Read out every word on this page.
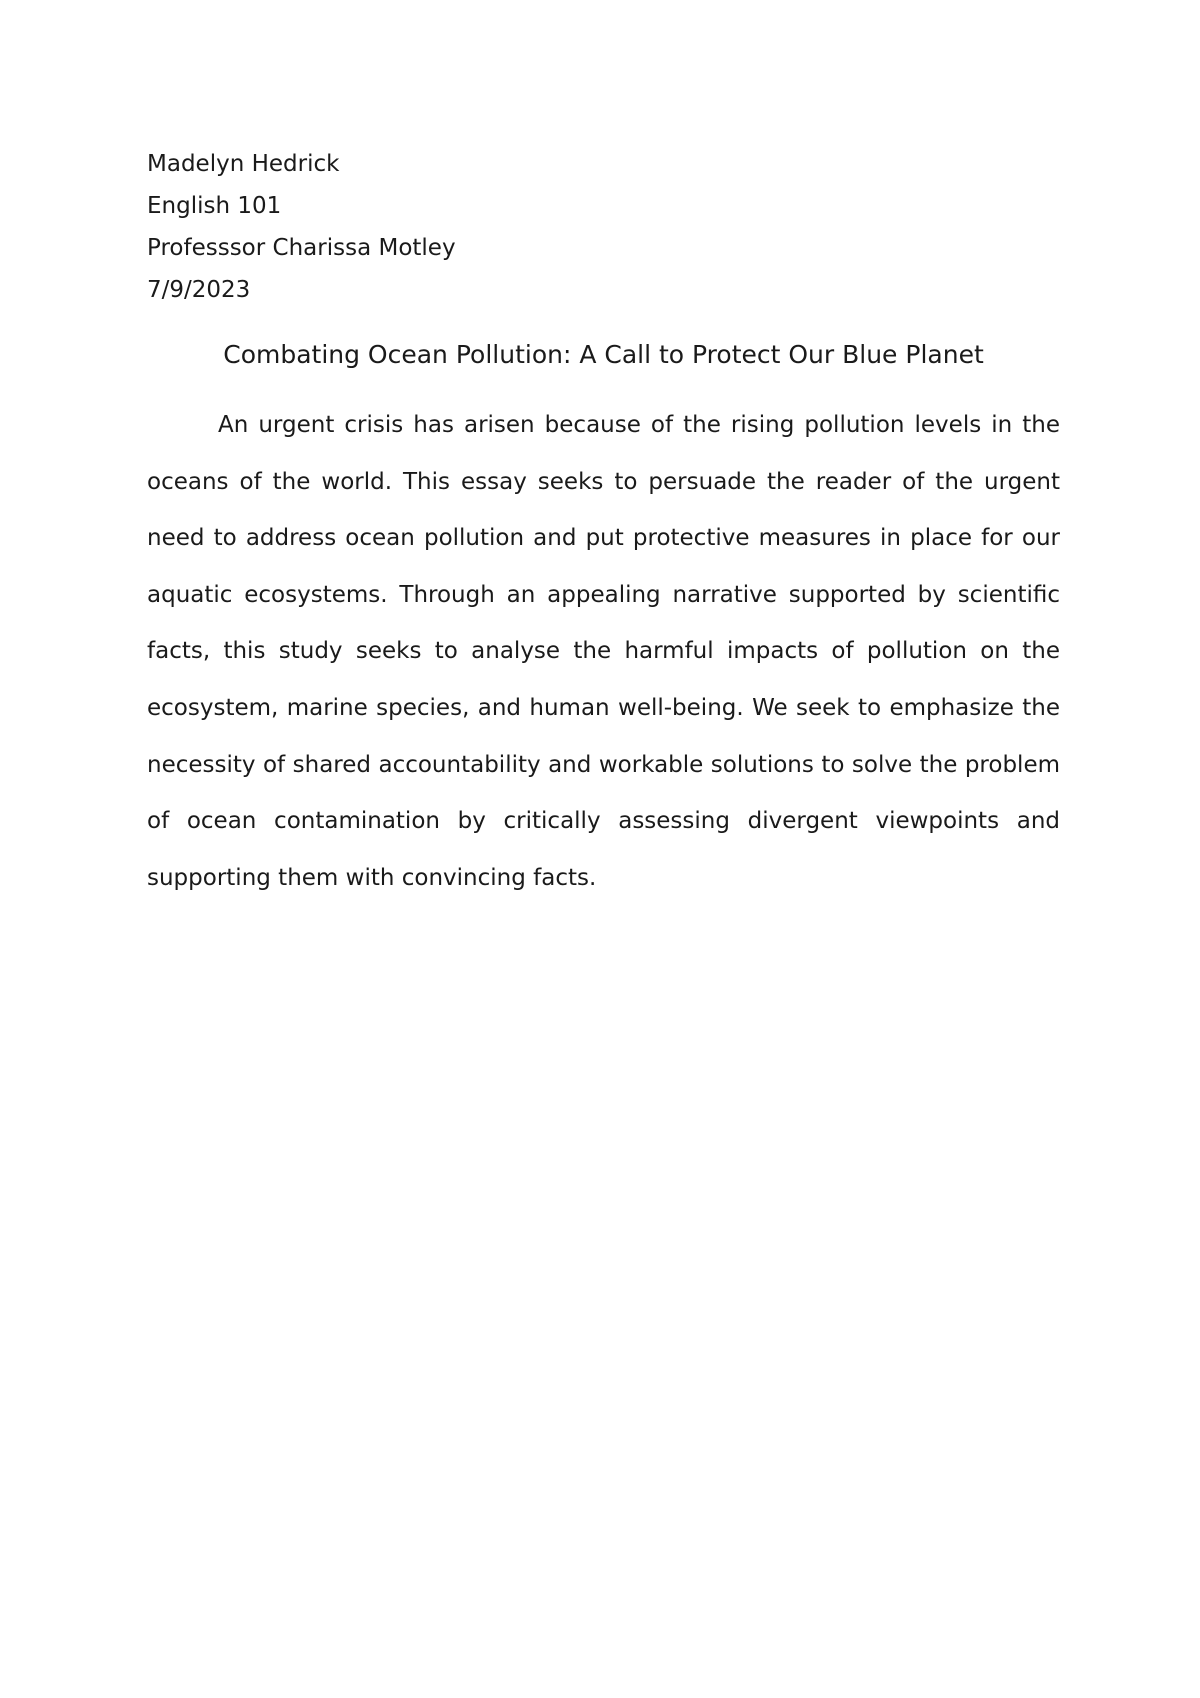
Madelyn Hedrick
English 101
Professsor Charissa Motley
7/9/2023
Combating Ocean Pollution: A Call to Protect Our Blue Planet

An urgent crisis has arisen because of the rising pollution levels in the oceans of the world. This essay seeks to persuade the reader of the urgent need to address ocean pollution and put protective measures in place for our aquatic ecosystems. Through an appealing narrative supported by scientific facts, this study seeks to analyse the harmful impacts of pollution on the ecosystem, marine species, and human well-being. We seek to emphasize the necessity of shared accountability and workable solutions to solve the problem of ocean contamination by critically assessing divergent viewpoints and supporting them with convincing facts.
